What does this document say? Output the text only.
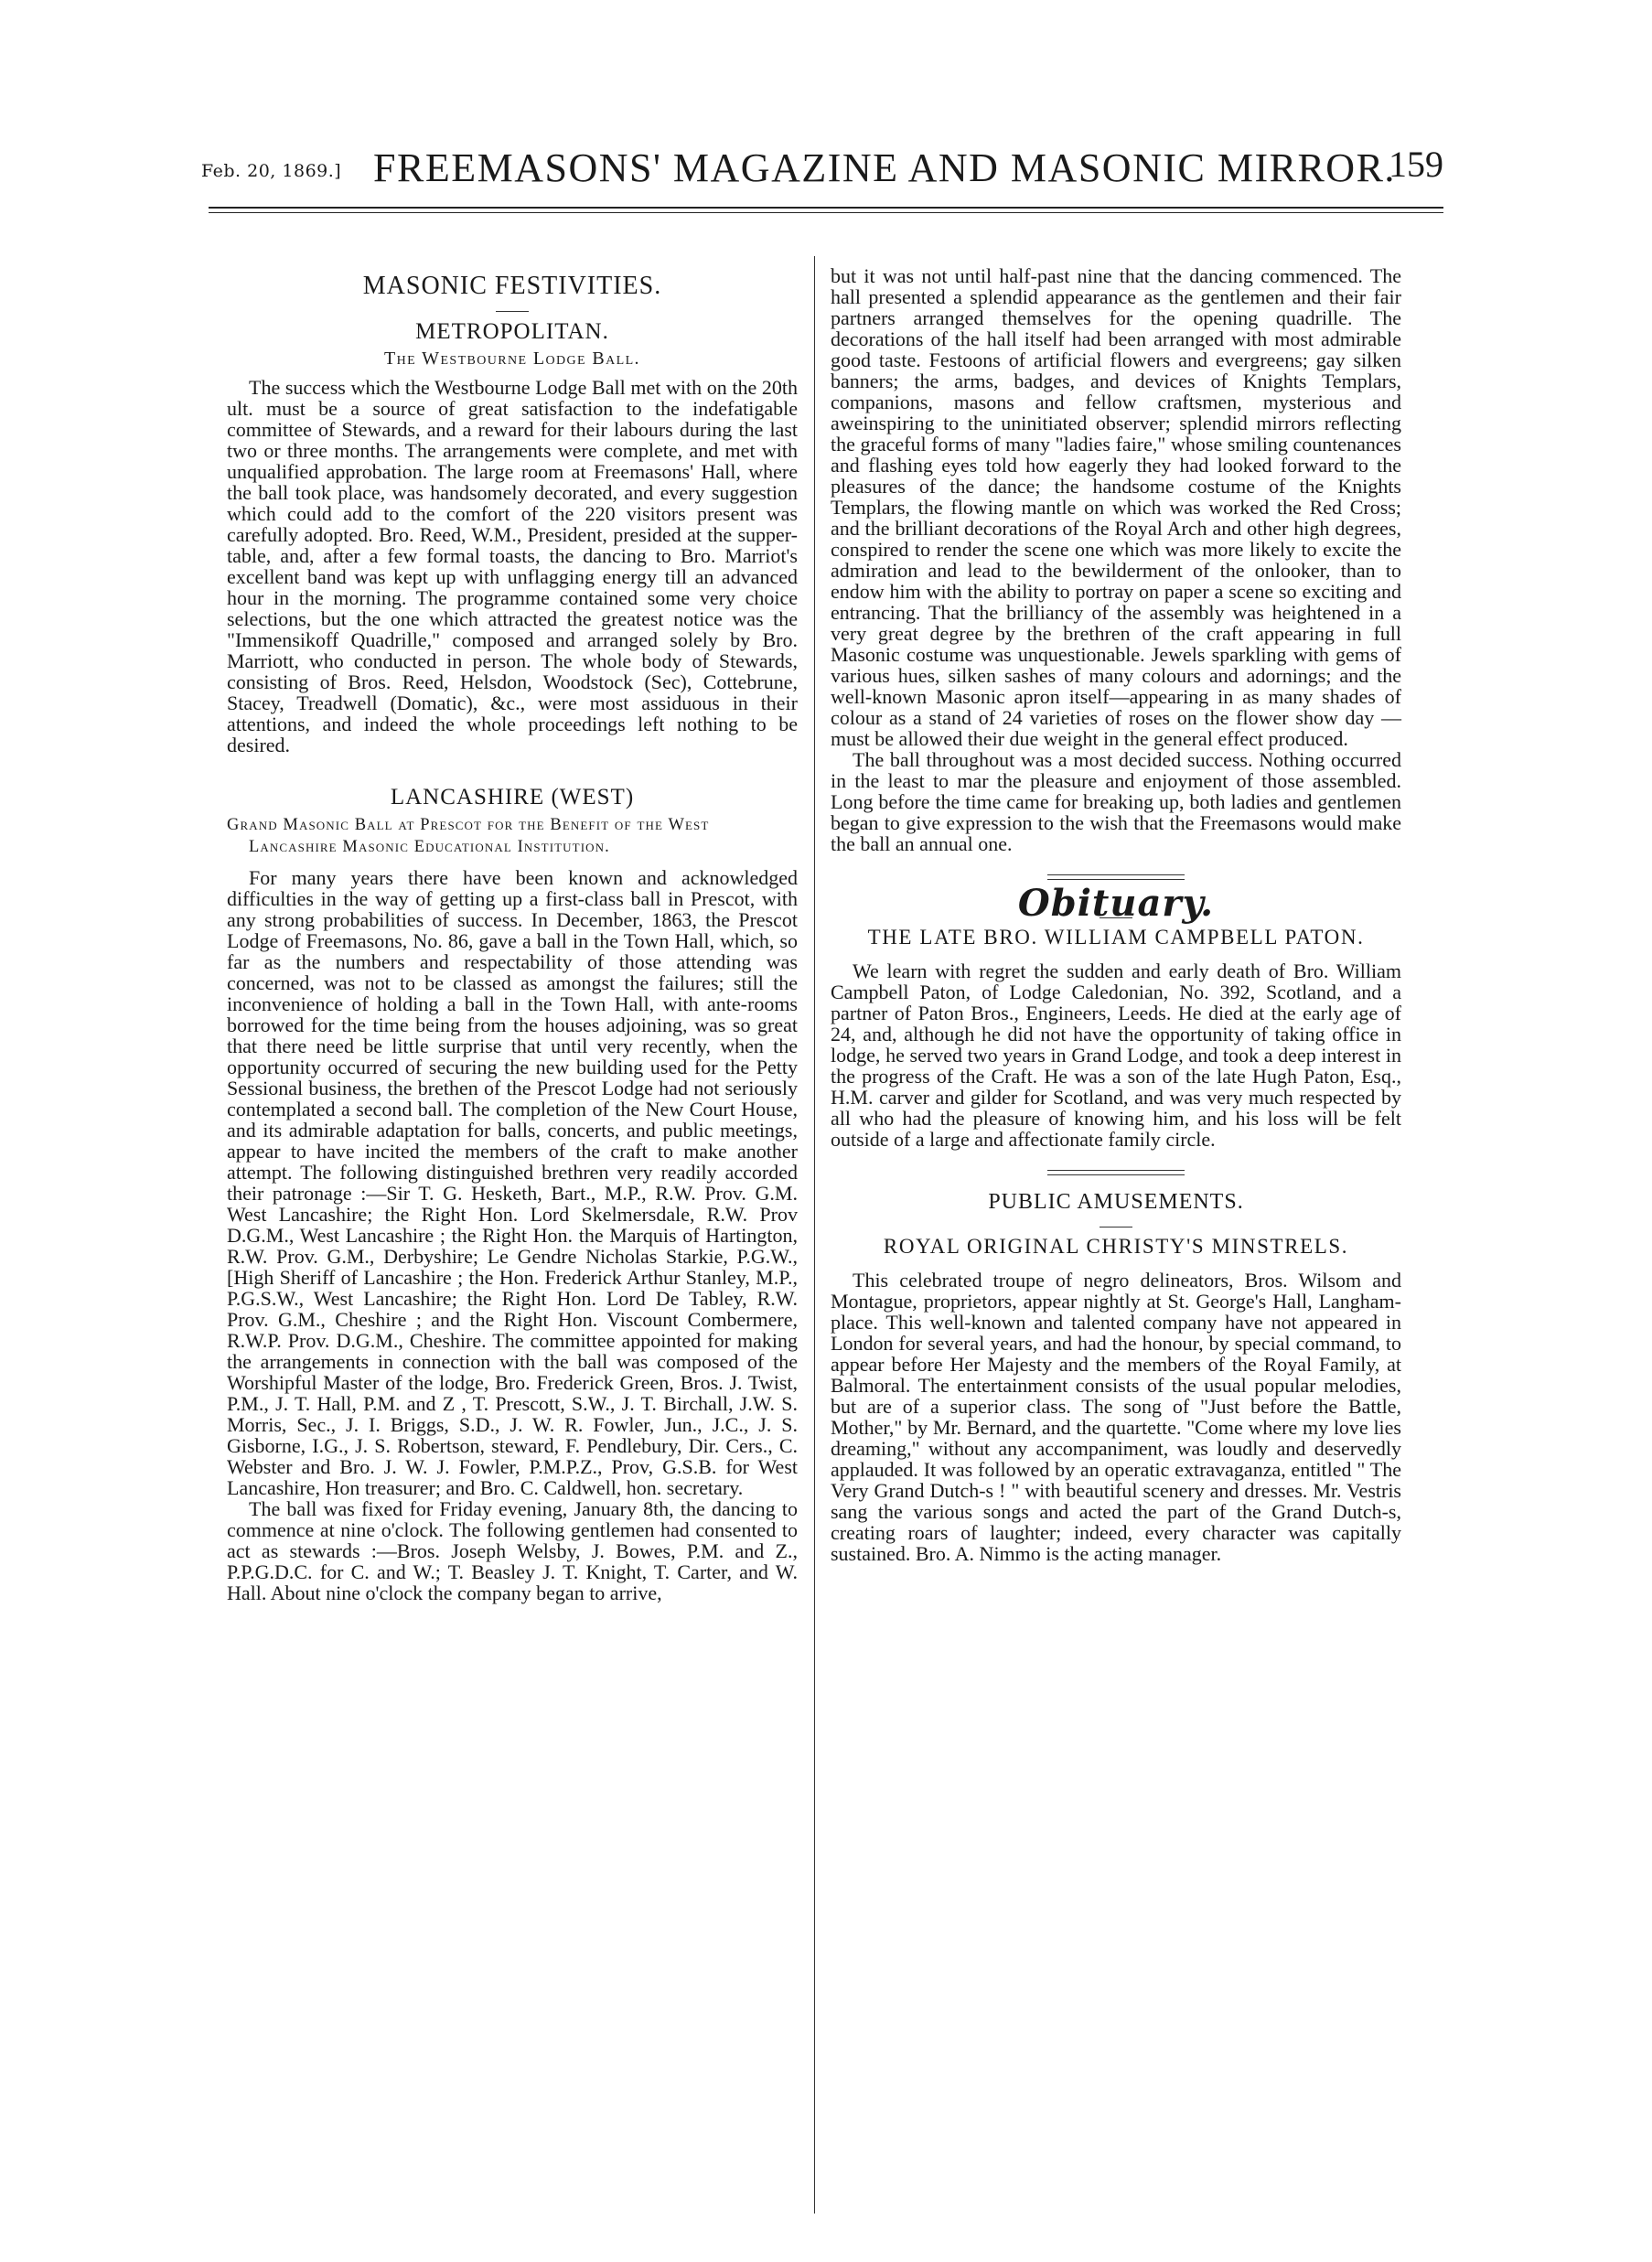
Feb. 20, 1869.] FREEMASONS' MAGAZINE AND MASONIC MIRROR.
159
MASONIC FESTIVITIES.
METROPOLITAN.
The Westbourne Lodge Ball.

The success which the Westbourne Lodge Ball met with on the 20th ult. must be a source of great satisfaction to the indefatigable committee of Stewards, and a reward for their labours during the last two or three months. The arrangements were complete, and met with unqualified approbation. The large room at Freemasons' Hall, where the ball took place, was handsomely decorated, and every suggestion which could add to the comfort of the 220 visitors present was carefully adopted. Bro. Reed, W.M., President, presided at the supper-table, and, after a few formal toasts, the dancing to Bro. Marriot's excellent band was kept up with unflagging energy till an advanced hour in the morning. The programme contained some very choice selections, but the one which attracted the greatest notice was the "Immensikoff Quadrille," composed and arranged solely by Bro. Marriott, who conducted in person. The whole body of Stewards, consisting of Bros. Reed, Helsdon, Woodstock (Sec), Cottebrune, Stacey, Treadwell (Domatic), &c., were most assiduous in their attentions, and indeed the whole proceedings left nothing to be desired.

LANCASHIRE (WEST)
Grand Masonic Ball at Prescot for the Benefit of the West Lancashire Masonic Educational Institution.

For many years there have been known and acknowledged difficulties in the way of getting up a first-class ball in Prescot, with any strong probabilities of success. In December, 1863, the Prescot Lodge of Freemasons, No. 86, gave a ball in the Town Hall, which, so far as the numbers and respectability of those attending was concerned, was not to be classed as amongst the failures; still the inconvenience of holding a ball in the Town Hall, with ante-rooms borrowed for the time being from the houses adjoining, was so great that there need be little surprise that until very recently, when the opportunity occurred of securing the new building used for the Petty Sessional business, the brethen of the Prescot Lodge had not seriously contemplated a second ball. The completion of the New Court House, and its admirable adaptation for balls, concerts, and public meetings, appear to have incited the members of the craft to make another attempt. The following distinguished brethren very readily accorded their patronage :—Sir T. G. Hesketh, Bart., M.P., R.W. Prov. G.M. West Lancashire; the Right Hon. Lord Skelmersdale, R.W. Prov D.G.M., West Lancashire ; the Right Hon. the Marquis of Hartington, R.W. Prov. G.M., Derbyshire; Le Gendre Nicholas Starkie, P.G.W., [High Sheriff of Lancashire ; the Hon. Frederick Arthur Stanley, M.P., P.G.S.W., West Lancashire; the Right Hon. Lord De Tabley, R.W. Prov. G.M., Cheshire ; and the Right Hon. Viscount Combermere, R.W.P. Prov. D.G.M., Cheshire. The committee appointed for making the arrangements in connection with the ball was composed of the Worshipful Master of the lodge, Bro. Frederick Green, Bros. J. Twist, P.M., J. T. Hall, P.M. and Z , T. Prescott, S.W., J. T. Birchall, J.W. S. Morris, Sec., J. I. Briggs, S.D., J. W. R. Fowler, Jun., J.C., J. S. Gisborne, I.G., J. S. Robertson, steward, F. Pendlebury, Dir. Cers., C. Webster and Bro. J. W. J. Fowler, P.M.P.Z., Prov, G.S.B. for West Lancashire, Hon treasurer; and Bro. C. Caldwell, hon. secretary.

The ball was fixed for Friday evening, January 8th, the dancing to commence at nine o'clock. The following gentlemen had consented to act as stewards :—Bros. Joseph Welsby, J. Bowes, P.M. and Z., P.P.G.D.C. for C. and W.; T. Beasley J. T. Knight, T. Carter, and W. Hall. About nine o'clock the company began to arrive,

but it was not until half-past nine that the dancing commenced. The hall presented a splendid appearance as the gentlemen and their fair partners arranged themselves for the opening quadrille. The decorations of the hall itself had been arranged with most admirable good taste. Festoons of artificial flowers and evergreens; gay silken banners; the arms, badges, and devices of Knights Templars, companions, masons and fellow craftsmen, mysterious and aweinspiring to the uninitiated observer; splendid mirrors reflecting the graceful forms of many "ladies faire," whose smiling countenances and flashing eyes told how eagerly they had looked forward to the pleasures of the dance; the handsome costume of the Knights Templars, the flowing mantle on which was worked the Red Cross; and the brilliant decorations of the Royal Arch and other high degrees, conspired to render the scene one which was more likely to excite the admiration and lead to the bewilderment of the onlooker, than to endow him with the ability to portray on paper a scene so exciting and entrancing. That the brilliancy of the assembly was heightened in a very great degree by the brethren of the craft appearing in full Masonic costume was unquestionable. Jewels sparkling with gems of various hues, silken sashes of many colours and adornings; and the well-known Masonic apron itself—appearing in as many shades of colour as a stand of 24 varieties of roses on the flower show day —must be allowed their due weight in the general effect produced.

The ball throughout was a most decided success. Nothing occurred in the least to mar the pleasure and enjoyment of those assembled. Long before the time came for breaking up, both ladies and gentlemen began to give expression to the wish that the Freemasons would make the ball an annual one.

Obituary.
THE LATE BRO. WILLIAM CAMPBELL PATON.

We learn with regret the sudden and early death of Bro. William Campbell Paton, of Lodge Caledonian, No. 392, Scotland, and a partner of Paton Bros., Engineers, Leeds. He died at the early age of 24, and, although he did not have the opportunity of taking office in lodge, he served two years in Grand Lodge, and took a deep interest in the progress of the Craft. He was a son of the late Hugh Paton, Esq., H.M. carver and gilder for Scotland, and was very much respected by all who had the pleasure of knowing him, and his loss will be felt outside of a large and affectionate family circle.

PUBLIC AMUSEMENTS.
ROYAL ORIGINAL CHRISTY'S MINSTRELS.

This celebrated troupe of negro delineators, Bros. Wilsom and Montague, proprietors, appear nightly at St. George's Hall, Langham-place. This well-known and talented company have not appeared in London for several years, and had the honour, by special command, to appear before Her Majesty and the members of the Royal Family, at Balmoral. The entertainment consists of the usual popular melodies, but are of a superior class. The song of "Just before the Battle, Mother," by Mr. Bernard, and the quartette. "Come where my love lies dreaming," without any accompaniment, was loudly and deservedly applauded. It was followed by an operatic extravaganza, entitled " The Very Grand Dutch-s ! " with beautiful scenery and dresses. Mr. Vestris sang the various songs and acted the part of the Grand Dutch-s, creating roars of laughter; indeed, every character was capitally sustained. Bro. A. Nimmo is the acting manager.
